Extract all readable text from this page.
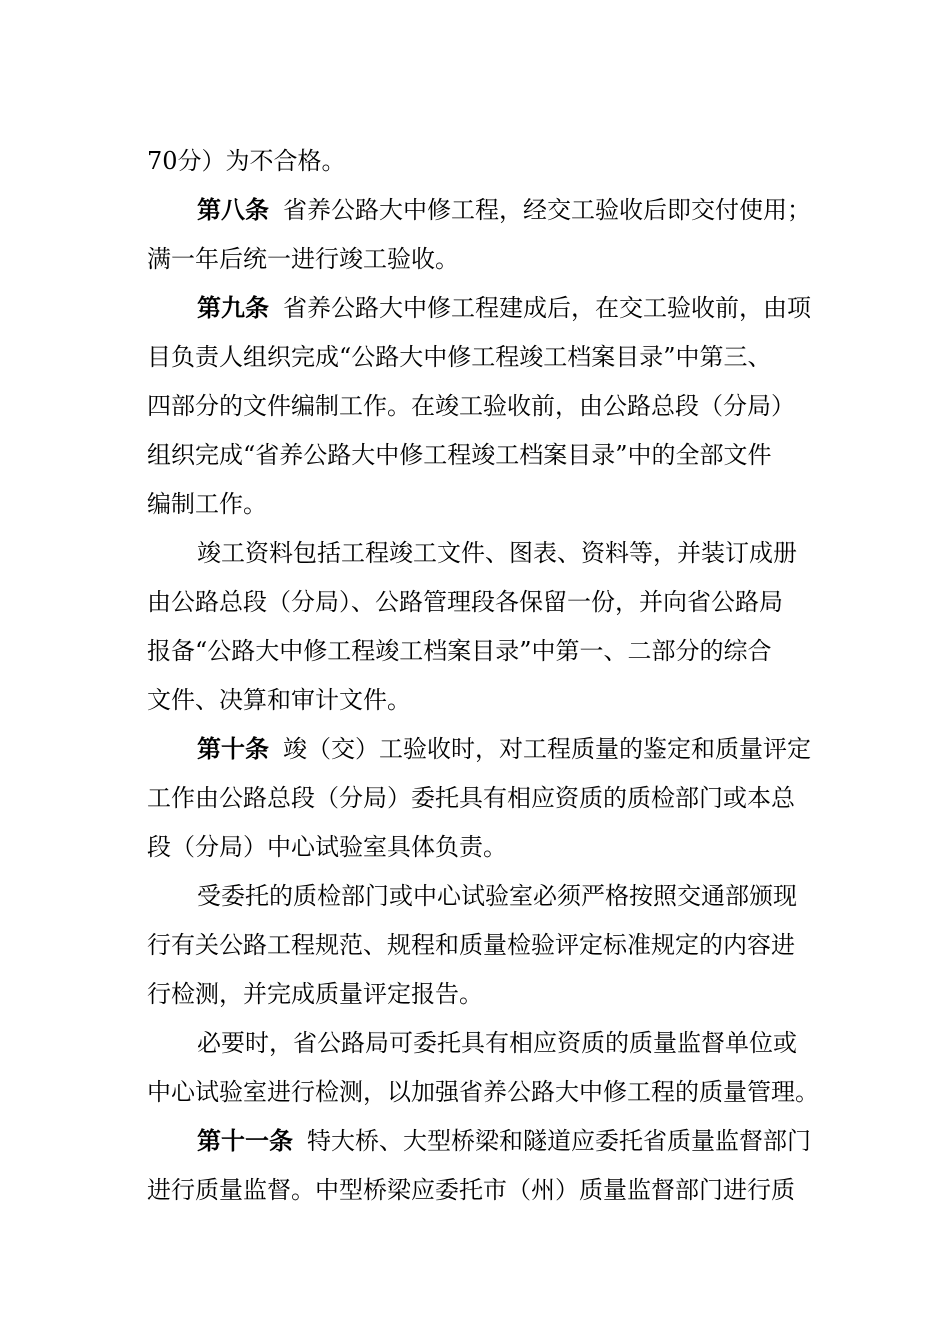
70分）为不合格。
第八条 省养公路大中修工程，经交工验收后即交付使用；
满一年后统一进行竣工验收。
第九条 省养公路大中修工程建成后，在交工验收前，由项
目负责人组织完成“公路大中修工程竣工档案目录”中第三、
四部分的文件编制工作。在竣工验收前，由公路总段（分局）
组织完成“省养公路大中修工程竣工档案目录”中的全部文件
编制工作。
竣工资料包括工程竣工文件、图表、资料等，并装订成册
由公路总段（分局）、公路管理段各保留一份，并向省公路局
报备“公路大中修工程竣工档案目录”中第一、二部分的综合
文件、决算和审计文件。
第十条 竣（交）工验收时，对工程质量的鉴定和质量评定
工作由公路总段（分局）委托具有相应资质的质检部门或本总
段（分局）中心试验室具体负责。
受委托的质检部门或中心试验室必须严格按照交通部颁现
行有关公路工程规范、规程和质量检验评定标准规定的内容进
行检测，并完成质量评定报告。
必要时，省公路局可委托具有相应资质的质量监督单位或
中心试验室进行检测，以加强省养公路大中修工程的质量管理。
第十一条 特大桥、大型桥梁和隧道应委托省质量监督部门
进行质量监督。中型桥梁应委托市（州）质量监督部门进行质
